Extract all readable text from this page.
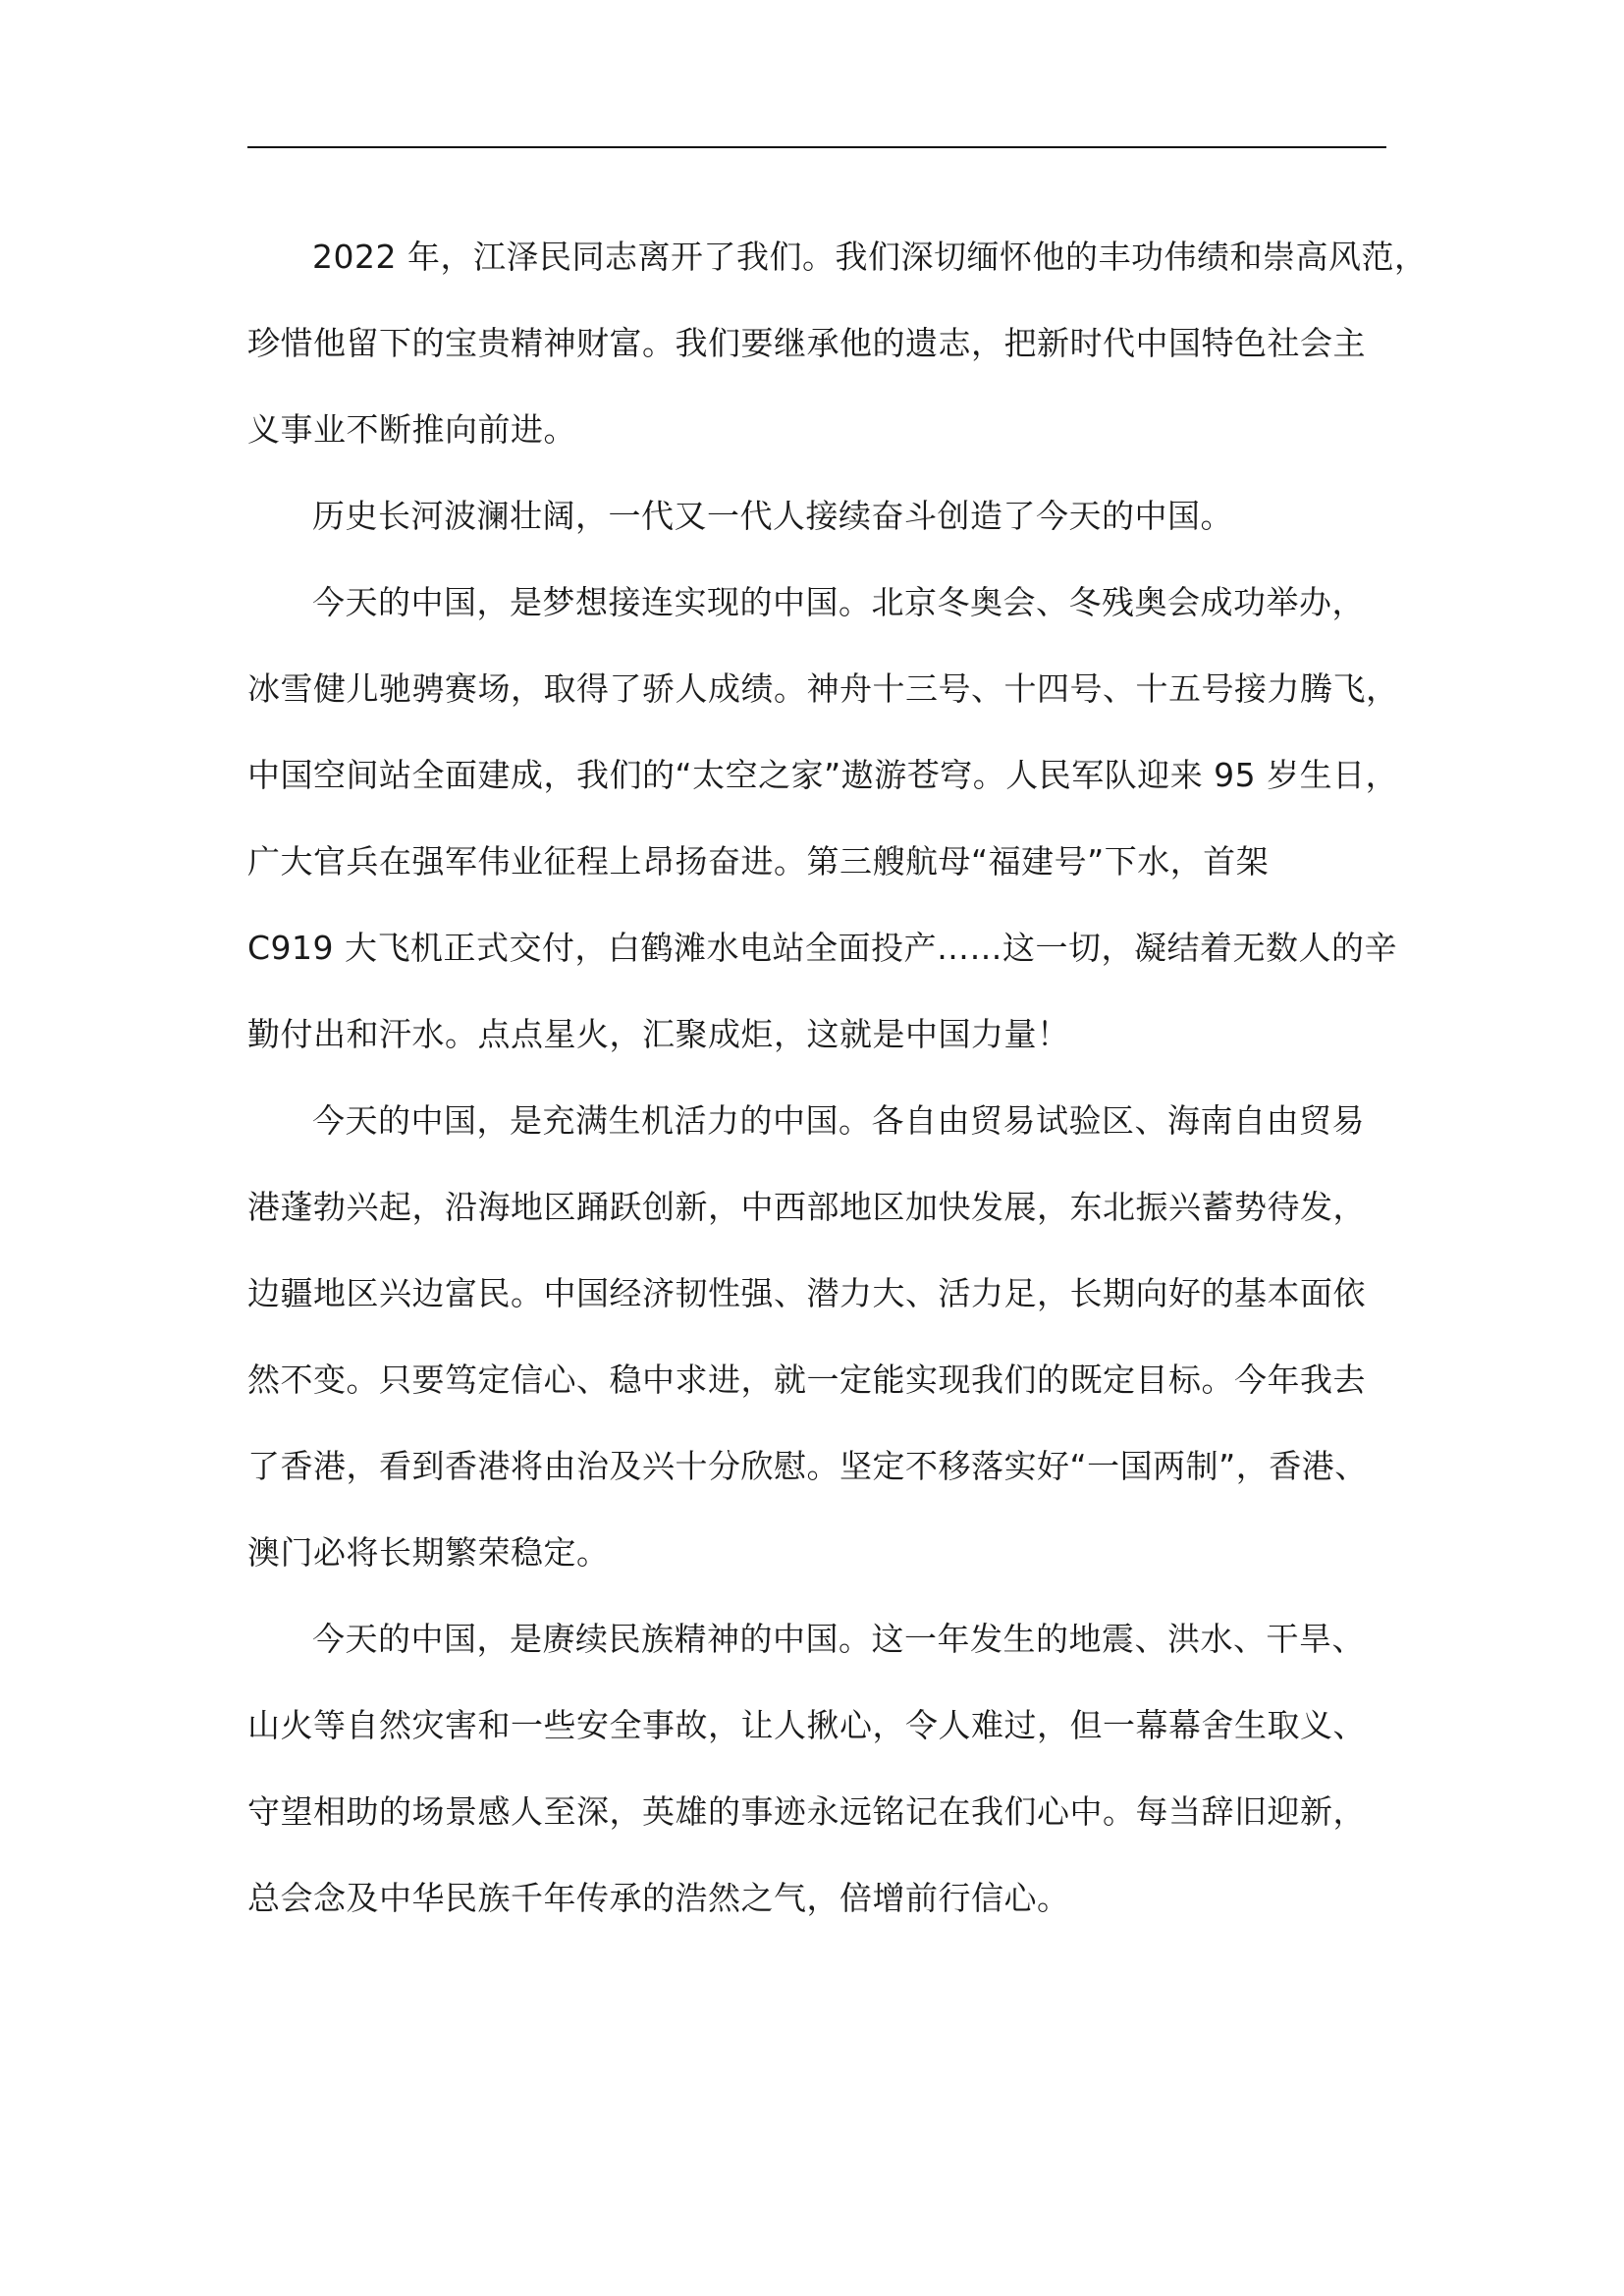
2022 年，江泽民同志离开了我们。我们深切缅怀他的丰功伟绩和崇高风范，
珍惜他留下的宝贵精神财富。我们要继承他的遗志，把新时代中国特色社会主
义事业不断推向前进。
历史长河波澜壮阔，一代又一代人接续奋斗创造了今天的中国。
今天的中国，是梦想接连实现的中国。北京冬奥会、冬残奥会成功举办，
冰雪健儿驰骋赛场，取得了骄人成绩。神舟十三号、十四号、十五号接力腾飞，
中国空间站全面建成，我们的“太空之家”遨游苍穹。人民军队迎来 95 岁生日，
广大官兵在强军伟业征程上昂扬奋进。第三艘航母“福建号”下水，首架
C919 大飞机正式交付，白鹤滩水电站全面投产……这一切，凝结着无数人的辛
勤付出和汗水。点点星火，汇聚成炬，这就是中国力量！
今天的中国，是充满生机活力的中国。各自由贸易试验区、海南自由贸易
港蓬勃兴起，沿海地区踊跃创新，中西部地区加快发展，东北振兴蓄势待发，
边疆地区兴边富民。中国经济韧性强、潜力大、活力足，长期向好的基本面依
然不变。只要笃定信心、稳中求进，就一定能实现我们的既定目标。今年我去
了香港，看到香港将由治及兴十分欣慰。坚定不移落实好“一国两制”，香港、
澳门必将长期繁荣稳定。
今天的中国，是赓续民族精神的中国。这一年发生的地震、洪水、干旱、
山火等自然灾害和一些安全事故，让人揪心，令人难过，但一幕幕舍生取义、
守望相助的场景感人至深，英雄的事迹永远铭记在我们心中。每当辞旧迎新，
总会念及中华民族千年传承的浩然之气，倍增前行信心。
